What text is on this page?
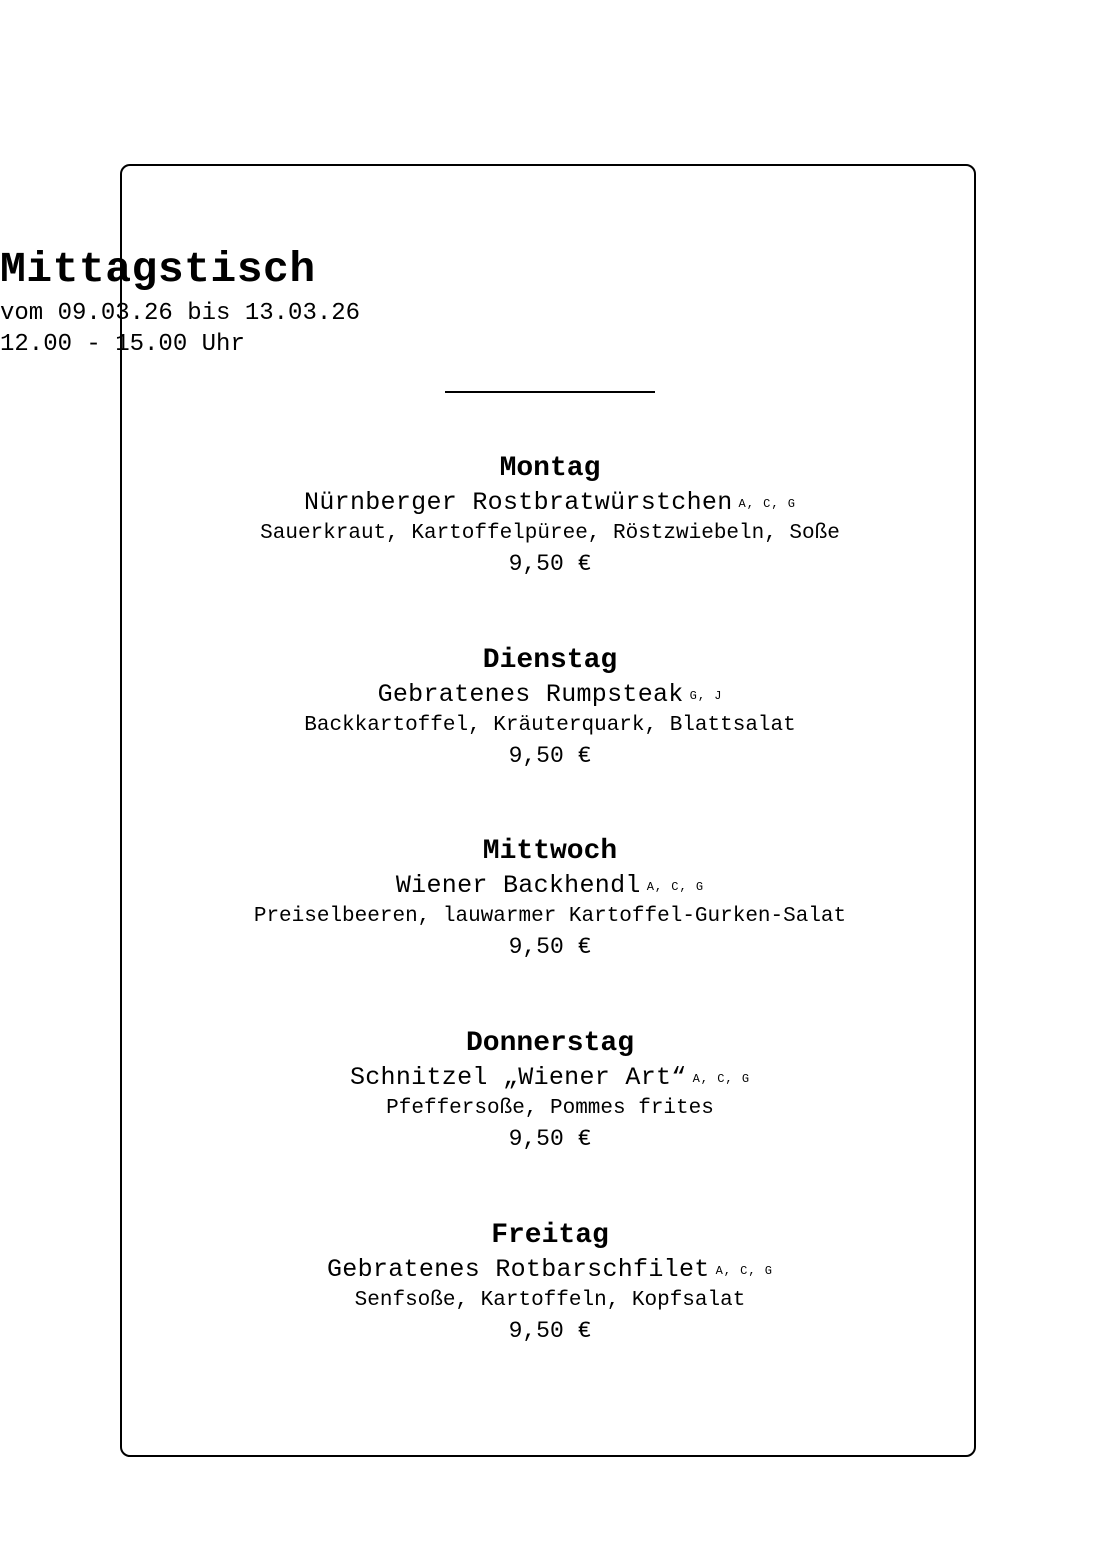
Mittagstisch
vom 09.03.26 bis 13.03.26
12.00 - 15.00 Uhr
Montag
Nürnberger Rostbratwürstchen A, C, G
Sauerkraut, Kartoffelpüree, Röstzwiebeln, Soße
9,50 €
Dienstag
Gebratenes Rumpsteak G, J
Backkartoffel, Kräuterquark, Blattsalat
9,50 €
Mittwoch
Wiener Backhendl A, C, G
Preiselbeeren, lauwarmer Kartoffel-Gurken-Salat
9,50 €
Donnerstag
Schnitzel „Wiener Art“ A, C, G
Pfeffersoße, Pommes frites
9,50 €
Freitag
Gebratenes Rotbarschfilet A, C, G
Senfsoße, Kartoffeln, Kopfsalat
9,50 €
